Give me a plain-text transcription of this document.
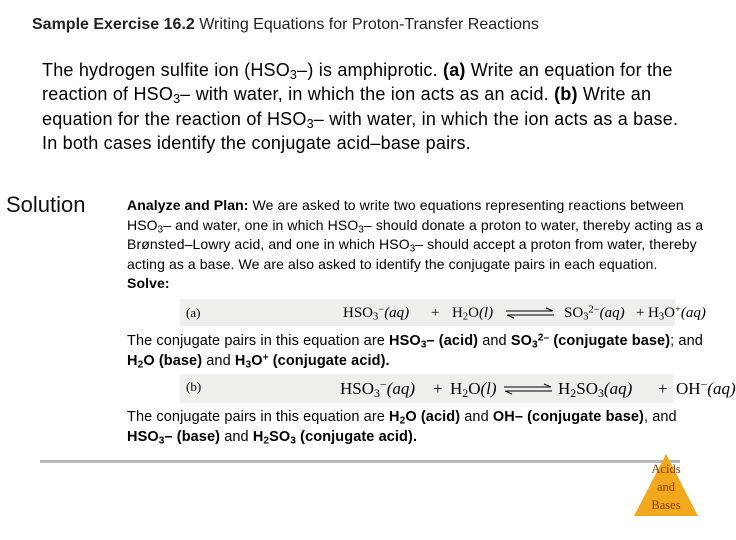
Sample Exercise 16.2 Writing Equations for Proton-Transfer Reactions
The hydrogen sulfite ion $(HSO_3-)$ is amphiprotic. (a) Write an equation for the reaction of $HSO_3-$ with water, in which the ion acts as an acid. (b) Write an equation for the reaction of $HSO_3-$ with water, in which the ion acts as a base. In both cases identify the conjugate acid–base pairs.
Solution	Analyze and Plan: We are asked to write two equations representing reactions between $HSO_3-$ and water, one in which $HSO_3-$ should donate a proton to water, thereby acting as a Brønsted–Lowry acid, and one in which $HSO_3-$ should accept a proton from water, thereby acting as a base. We are also asked to identify the conjugate pairs in each equation.
Solve:
(a)	$HSO_3^-(aq) + H_2O(l)$ ⇌ $SO_3^{2-}(aq) + H_3O^+(aq)$
The conjugate pairs in this equation are $HSO_3-$ (acid) and $SO_3^{2-}$ (conjugate base); and $H_2O$ (base) and $H_3O^+$ (conjugate acid).
(b)	$HSO_3^-(aq) + H_2O(l)$ ⇌ $H_2SO_3(aq) + OH^-(aq)$
The conjugate pairs in this equation are $H_2O$ (acid) and OH– (conjugate base), and $HSO_3-$ (base) and $H_2SO_3$ (conjugate acid).
Acids
and
Bases
